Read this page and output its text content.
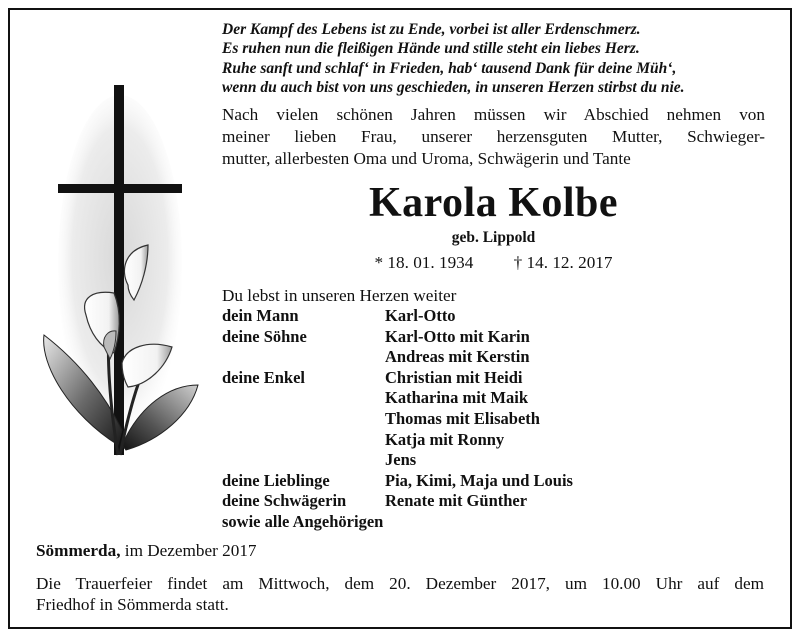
Der Kampf des Lebens ist zu Ende, vorbei ist aller Erdenschmerz.
Es ruhen nun die fleißigen Hände und stille steht ein liebes Herz.
Ruhe sanft und schlaf‘ in Frieden, hab‘ tausend Dank für deine Müh‘,
wenn du auch bist von uns geschieden, in unseren Herzen stirbst du nie.
Nach vielen schönen Jahren müssen wir Abschied nehmen von
meiner lieben Frau, unserer herzensguten Mutter, Schwieger-
mutter, allerbesten Oma und Uroma, Schwägerin und Tante
Karola Kolbe
geb. Lippold
* 18. 01. 1934 † 14. 12. 2017
Du lebst in unseren Herzen weiter
dein Mann	Karl-Otto
deine Söhne	Karl-Otto mit Karin
Andreas mit Kerstin
deine Enkel	Christian mit Heidi
Katharina mit Maik
Thomas mit Elisabeth
Katja mit Ronny
Jens
deine Lieblinge	Pia, Kimi, Maja und Louis
deine Schwägerin	Renate mit Günther
sowie alle Angehörigen
Sömmerda, im Dezember 2017
Die Trauerfeier findet am Mittwoch, dem 20. Dezember 2017, um 10.00 Uhr auf dem
Friedhof in Sömmerda statt.
